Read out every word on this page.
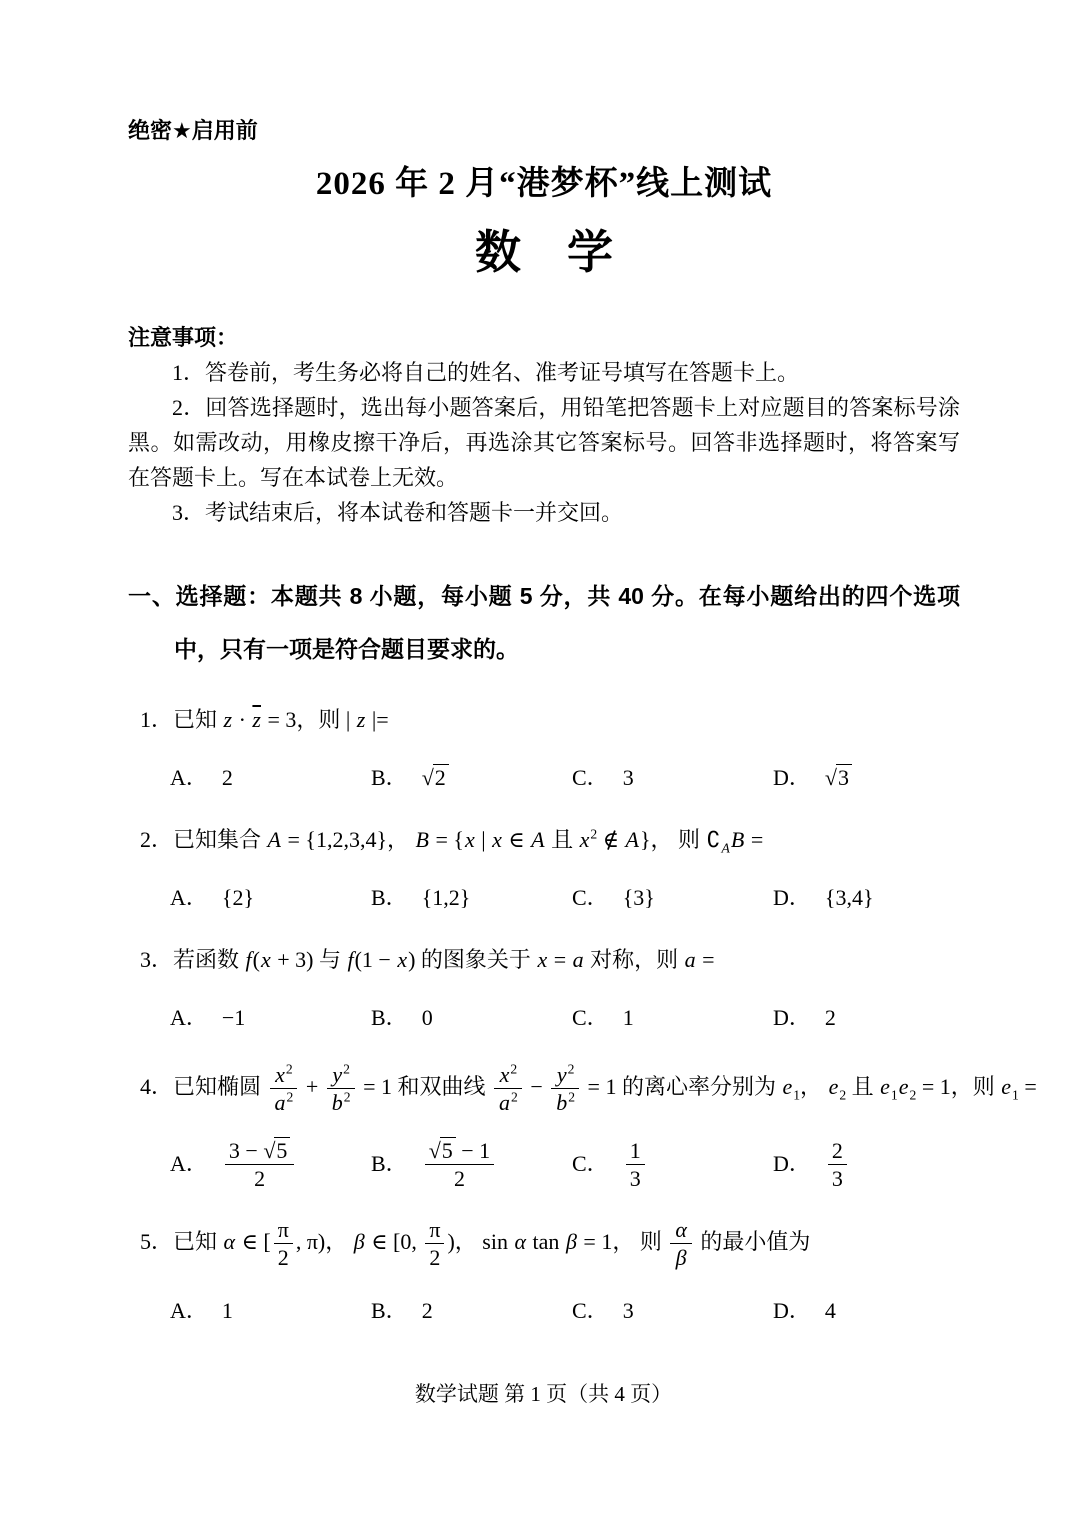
绝密★启用前
2026 年 2 月“港梦杯”线上测试
数　学
注意事项：

1．答卷前，考生务必将自己的姓名、准考证号填写在答题卡上。

2．回答选择题时，选出每小题答案后，用铅笔把答题卡上对应题目的答案标号涂黑。如需改动，用橡皮擦干净后，再选涂其它答案标号。回答非选择题时，将答案写在答题卡上。写在本试卷上无效。

3．考试结束后，将本试卷和答题卡一并交回。

一、选择题：本题共 8 小题，每小题 5 分，共 40 分。在每小题给出的四个选项中，只有一项是符合题目要求的。
1．已知 $z \cdot \overline{z} = 3$，则 | z |=
A． 2	B． √2	C． 3	D． √3
2．已知集合 A = {1,2,3,4}， B = {x | x ∈ A 且 $x^2$ ∉ A}， 则 $∁_AB$ =
A． {2}	B． {1,2}	C． {3}	D． {3,4}
3．若函数 f(x + 3) 与 f(1 − x) 的图象关于 x = a 对称，则 a =
A． −1	B． 0	C． 1	D． 2
4．已知椭圆 $\frac{x^2}{a^2} + \frac{y^2}{b^2} = 1$ 和双曲线 $\frac{x^2}{a^2} - \frac{y^2}{b^2} = 1$ 的离心率分别为 $e_1$， $e_2$ 且 $e_1e_2 = 1$，则 $e_1$ =
A． $\frac{3 - √5}{2}$	B． $\frac{√5 - 1}{2}$	C． $\frac{1}{3}$	D． $\frac{2}{3}$
5．已知 α ∈ [ $\frac{\pi}{2}$ , π)， β ∈ [0, $\frac{\pi}{2}$ )， sin α tan β = 1， 则 $\frac{\alpha}{\beta}$ 的最小值为
A． 1	B． 2	C． 3	D． 4
数学试题 第 1 页（共 4 页）
